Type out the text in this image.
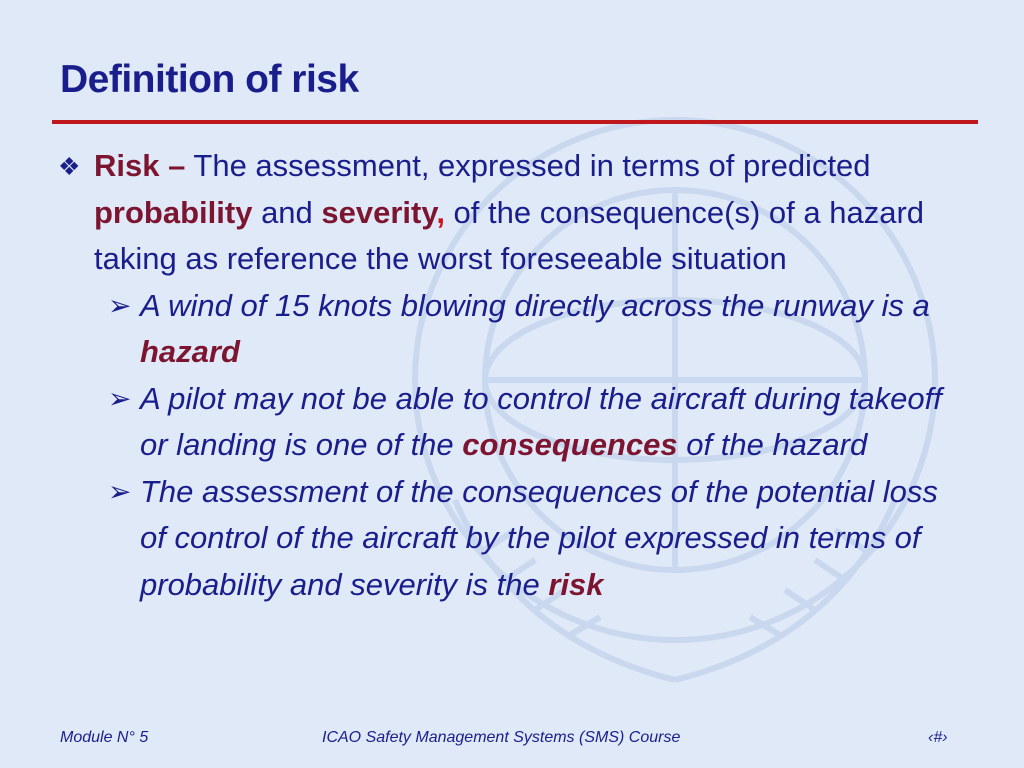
Definition of risk
❖ Risk – The assessment, expressed in terms of predicted probability and severity, of the consequence(s) of a hazard taking as reference the worst foreseeable situation
➢ A wind of 15 knots blowing directly across the runway is a hazard
➢ A pilot may not be able to control the aircraft during takeoff or landing is one of the consequences of the hazard
➢ The assessment of the consequences of the potential loss of control of the aircraft by the pilot expressed in terms of probability and severity is the risk
Module N° 5	ICAO Safety Management Systems (SMS) Course	‹#›
